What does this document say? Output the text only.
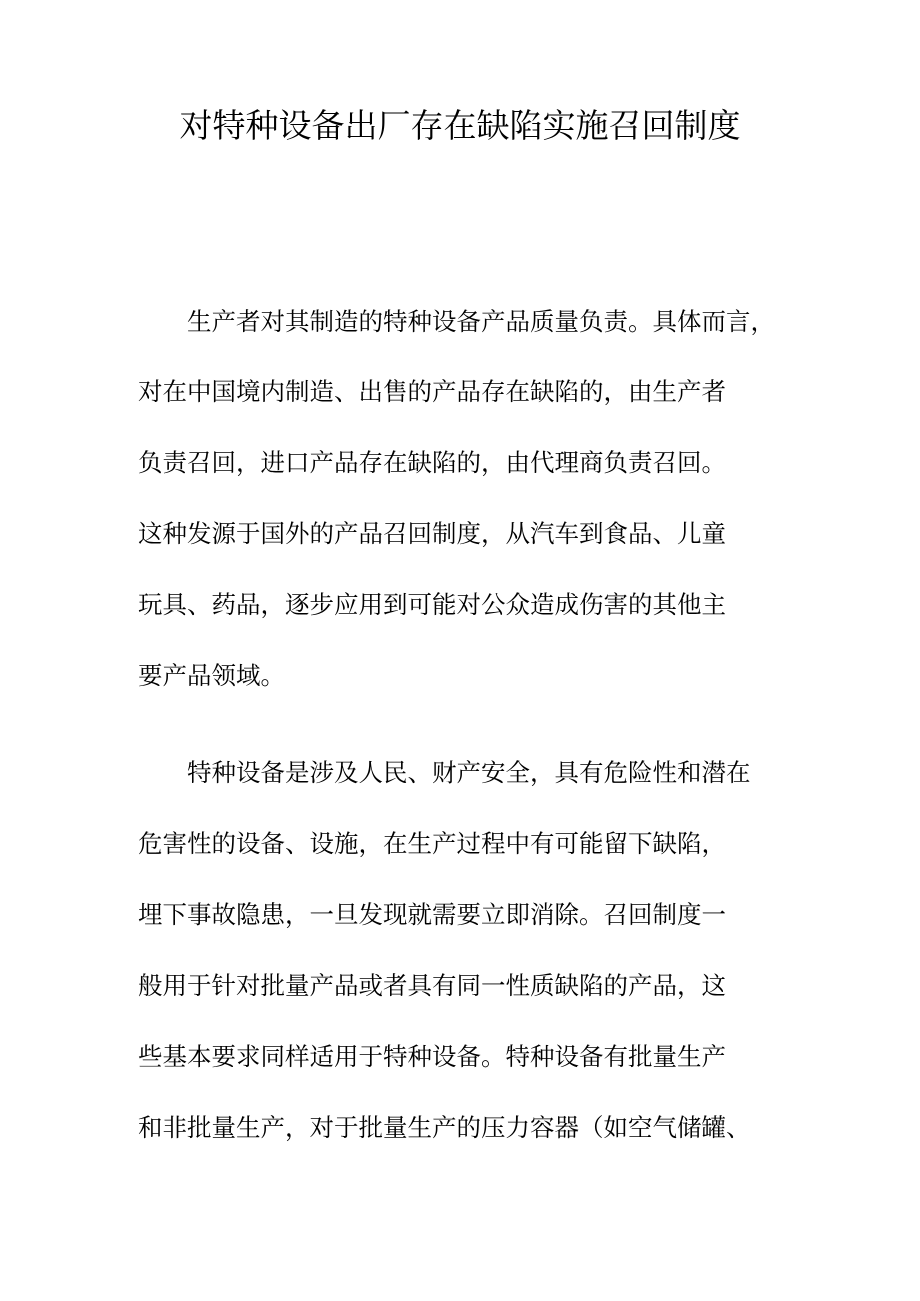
对特种设备出厂存在缺陷实施召回制度
生产者对其制造的特种设备产品质量负责。具体而言，
对在中国境内制造、出售的产品存在缺陷的，由生产者
负责召回，进口产品存在缺陷的，由代理商负责召回。
这种发源于国外的产品召回制度，从汽车到食品、儿童
玩具、药品，逐步应用到可能对公众造成伤害的其他主
要产品领域。
特种设备是涉及人民、财产安全，具有危险性和潜在
危害性的设备、设施，在生产过程中有可能留下缺陷，
埋下事故隐患，一旦发现就需要立即消除。召回制度一
般用于针对批量产品或者具有同一性质缺陷的产品，这
些基本要求同样适用于特种设备。特种设备有批量生产
和非批量生产，对于批量生产的压力容器（如空气储罐、
